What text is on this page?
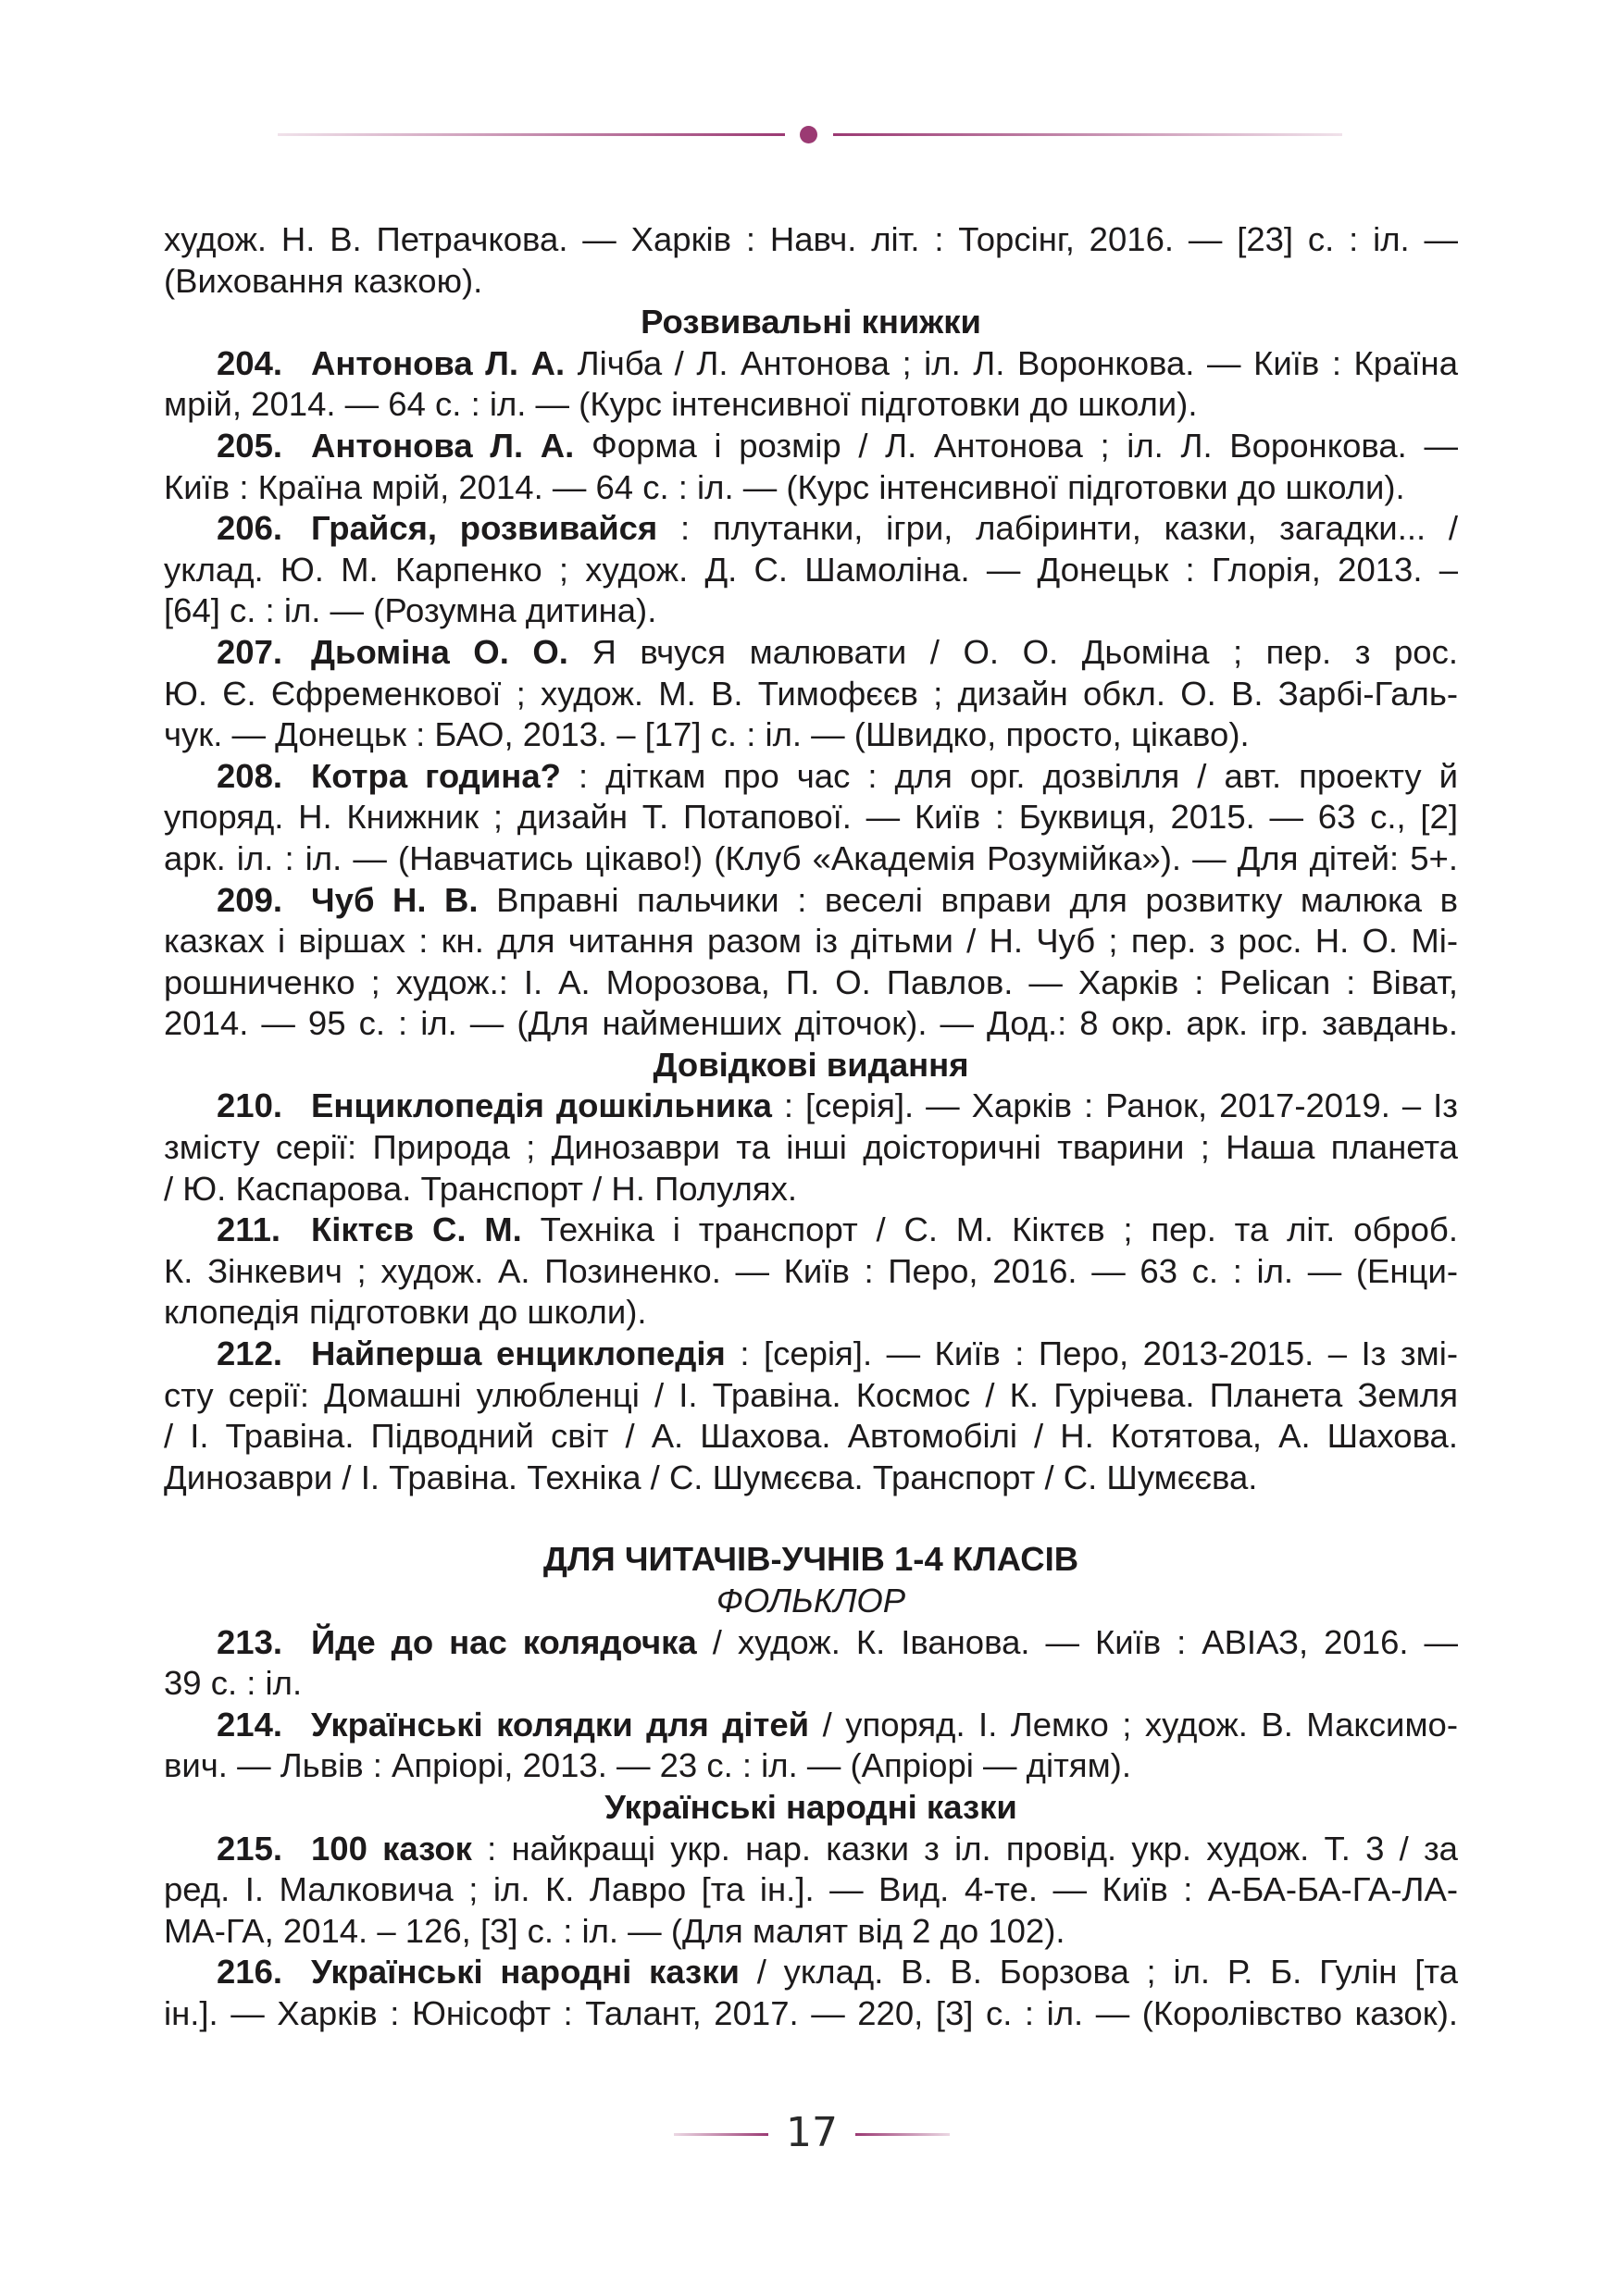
худож. Н. В. Петрачкова. — Харків : Навч. літ. : Торсінг, 2016. — [23] с. : іл. —

(Виховання казкою).

Розвивальні книжки

204. Антонова Л. А. Лічба / Л. Антонова ; іл. Л. Воронкова. — Київ : Країна

мрій, 2014. — 64 с. : іл. — (Курс інтенсивної підготовки до школи).

205. Антонова Л. А. Форма і розмір / Л. Антонова ; іл. Л. Воронкова. —

Київ : Країна мрій, 2014. — 64 с. : іл. — (Курс інтенсивної підготовки до школи).

206. Грайся, розвивайся : плутанки, ігри, лабіринти, казки, загадки... /

уклад. Ю. М. Карпенко ; худож. Д. С. Шамоліна. — Донецьк : Глорія, 2013. –

[64] с. : іл. — (Розумна дитина).

207. Дьоміна О. О. Я вчуся малювати / О. О. Дьоміна ; пер. з рос.

Ю. Є. Єфременкової ; худож. М. В. Тимофєєв ; дизайн обкл. О. В. Зарбі-Галь-

чук. — Донецьк : БАО, 2013. – [17] с. : іл. — (Швидко, просто, цікаво).

208. Котра година? : діткам про час : для орг. дозвілля / авт. проекту й

упоряд. Н. Книжник ; дизайн Т. Потапової. — Київ : Буквиця, 2015. — 63 с., [2]

арк. іл. : іл. — (Навчатись цікаво!) (Клуб «Академія Розумійка»). — Для дітей: 5+.

209. Чуб Н. В. Вправні пальчики : веселі вправи для розвитку малюка в

казках і віршах : кн. для читання разом із дітьми / Н. Чуб ; пер. з рос. Н. О. Мі-

рошниченко ; худож.: І. А. Морозова, П. О. Павлов. — Харків : Pelican : Віват,

2014. — 95 с. : іл. — (Для найменших діточок). — Дод.: 8 окр. арк. ігр. завдань.

Довідкові видання

210. Енциклопедія дошкільника : [серія]. — Харків : Ранок, 2017-2019. – Із

змісту серії: Природа ; Динозаври та інші доісторичні тварини ; Наша планета

/ Ю. Каспарова. Транспорт / Н. Полулях.

211. Кіктєв С. М. Техніка і транспорт / С. М. Кіктєв ; пер. та літ. оброб.

К. Зінкевич ; худож. А. Позиненко. — Київ : Перо, 2016. — 63 с. : іл. — (Енци-

клопедія підготовки до школи).

212. Найперша енциклопедія : [серія]. — Київ : Перо, 2013-2015. – Із змі-

сту серії: Домашні улюбленці / І. Травіна. Космос / К. Гурічева. Планета Земля

/ І. Травіна. Підводний світ / А. Шахова. Автомобілі / Н. Котятова, А. Шахова.

Динозаври / І. Травіна. Техніка / С. Шумєєва. Транспорт / С. Шумєєва.

ДЛЯ ЧИТАЧІВ-УЧНІВ 1-4 КЛАСІВ

ФОЛЬКЛОР

213. Йде до нас колядочка / худож. К. Іванова. — Київ : АВІАЗ, 2016. —

39 с. : іл.

214. Українські колядки для дітей / упоряд. І. Лемко ; худож. В. Максимо-

вич. — Львів : Апріорі, 2013. — 23 с. : іл. — (Апріорі — дітям).

Українські народні казки

215. 100 казок : найкращі укр. нар. казки з іл. провід. укр. худож. Т. 3 / за

ред. І. Малковича ; іл. К. Лавро [та ін.]. — Вид. 4-те. — Київ : А-БА-БА-ГА-ЛА-

МА-ГА, 2014. – 126, [3] с. : іл. — (Для малят від 2 до 102).

216. Українські народні казки / уклад. В. В. Борзова ; іл. Р. Б. Гулін [та

ін.]. — Харків : Юнісофт : Талант, 2017. — 220, [3] с. : іл. — (Королівство казок).

17
